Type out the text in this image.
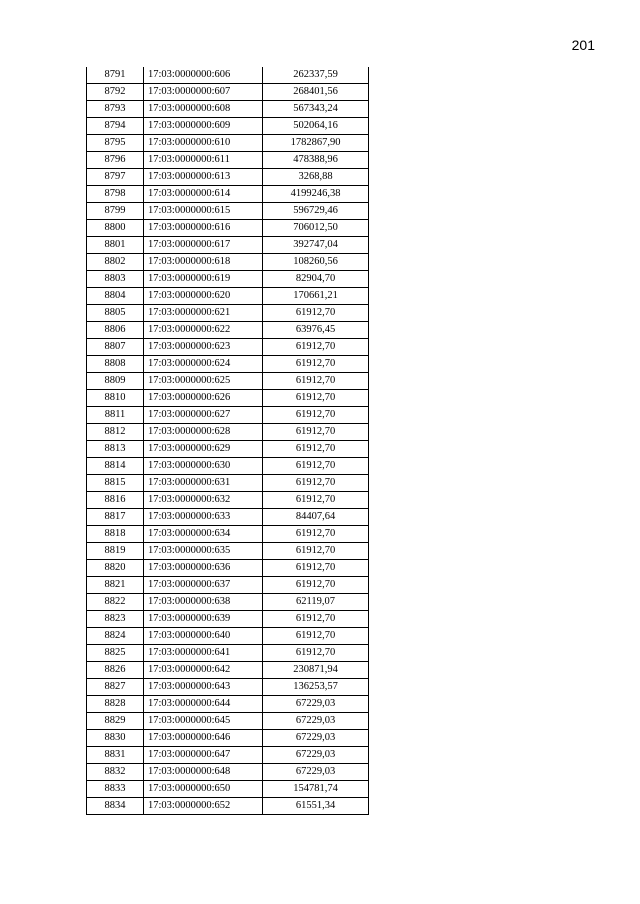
201
8791	17:03:0000000:606	262337,59
8792	17:03:0000000:607	268401,56
8793	17:03:0000000:608	567343,24
8794	17:03:0000000:609	502064,16
8795	17:03:0000000:610	1782867,90
8796	17:03:0000000:611	478388,96
8797	17:03:0000000:613	3268,88
8798	17:03:0000000:614	4199246,38
8799	17:03:0000000:615	596729,46
8800	17:03:0000000:616	706012,50
8801	17:03:0000000:617	392747,04
8802	17:03:0000000:618	108260,56
8803	17:03:0000000:619	82904,70
8804	17:03:0000000:620	170661,21
8805	17:03:0000000:621	61912,70
8806	17:03:0000000:622	63976,45
8807	17:03:0000000:623	61912,70
8808	17:03:0000000:624	61912,70
8809	17:03:0000000:625	61912,70
8810	17:03:0000000:626	61912,70
8811	17:03:0000000:627	61912,70
8812	17:03:0000000:628	61912,70
8813	17:03:0000000:629	61912,70
8814	17:03:0000000:630	61912,70
8815	17:03:0000000:631	61912,70
8816	17:03:0000000:632	61912,70
8817	17:03:0000000:633	84407,64
8818	17:03:0000000:634	61912,70
8819	17:03:0000000:635	61912,70
8820	17:03:0000000:636	61912,70
8821	17:03:0000000:637	61912,70
8822	17:03:0000000:638	62119,07
8823	17:03:0000000:639	61912,70
8824	17:03:0000000:640	61912,70
8825	17:03:0000000:641	61912,70
8826	17:03:0000000:642	230871,94
8827	17:03:0000000:643	136253,57
8828	17:03:0000000:644	67229,03
8829	17:03:0000000:645	67229,03
8830	17:03:0000000:646	67229,03
8831	17:03:0000000:647	67229,03
8832	17:03:0000000:648	67229,03
8833	17:03:0000000:650	154781,74
8834	17:03:0000000:652	61551,34
